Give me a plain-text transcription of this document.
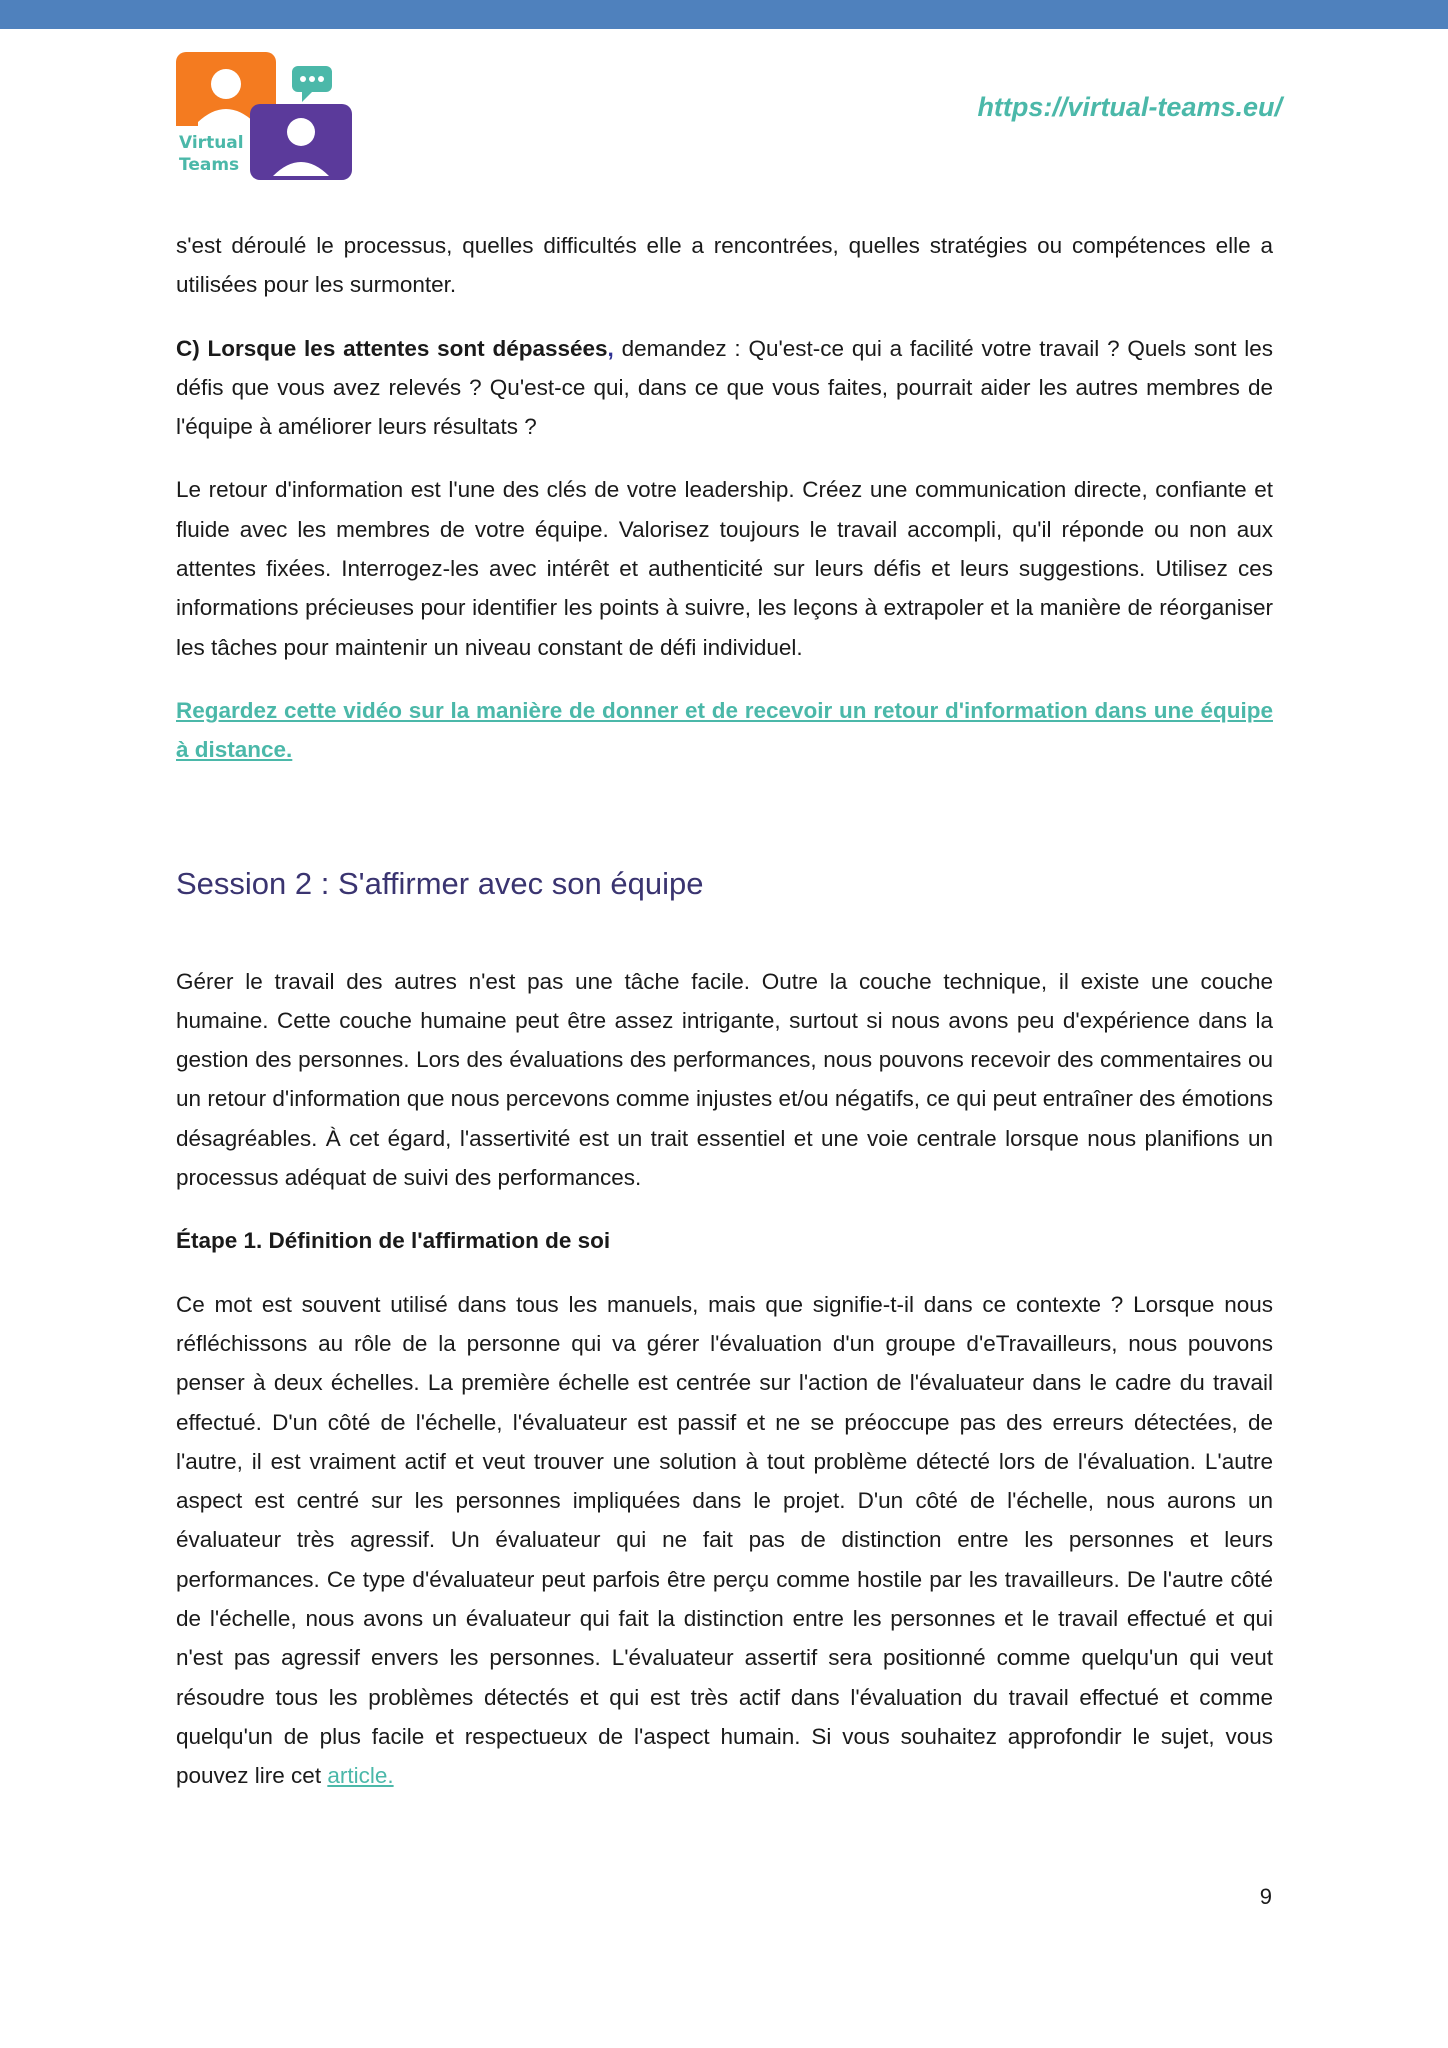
Virtual
Teams
https://virtual-teams.eu/

s'est déroulé le processus, quelles difficultés elle a rencontrées, quelles stratégies ou compétences elle a utilisées pour les surmonter.

C) Lorsque les attentes sont dépassées, demandez : Qu'est-ce qui a facilité votre travail ? Quels sont les défis que vous avez relevés ? Qu'est-ce qui, dans ce que vous faites, pourrait aider les autres membres de l'équipe à améliorer leurs résultats ?

Le retour d'information est l'une des clés de votre leadership. Créez une communication directe, confiante et fluide avec les membres de votre équipe. Valorisez toujours le travail accompli, qu'il réponde ou non aux attentes fixées. Interrogez-les avec intérêt et authenticité sur leurs défis et leurs suggestions. Utilisez ces informations précieuses pour identifier les points à suivre, les leçons à extrapoler et la manière de réorganiser les tâches pour maintenir un niveau constant de défi individuel.

Regardez cette vidéo sur la manière de donner et de recevoir un retour d'information dans une équipe à distance.

Session 2 : S'affirmer avec son équipe

Gérer le travail des autres n'est pas une tâche facile. Outre la couche technique, il existe une couche humaine. Cette couche humaine peut être assez intrigante, surtout si nous avons peu d'expérience dans la gestion des personnes. Lors des évaluations des performances, nous pouvons recevoir des commentaires ou un retour d'information que nous percevons comme injustes et/ou négatifs, ce qui peut entraîner des émotions désagréables. À cet égard, l'assertivité est un trait essentiel et une voie centrale lorsque nous planifions un processus adéquat de suivi des performances.

Étape 1. Définition de l'affirmation de soi

Ce mot est souvent utilisé dans tous les manuels, mais que signifie-t-il dans ce contexte ? Lorsque nous réfléchissons au rôle de la personne qui va gérer l'évaluation d'un groupe d'eTravailleurs, nous pouvons penser à deux échelles. La première échelle est centrée sur l'action de l'évaluateur dans le cadre du travail effectué. D'un côté de l'échelle, l'évaluateur est passif et ne se préoccupe pas des erreurs détectées, de l'autre, il est vraiment actif et veut trouver une solution à tout problème détecté lors de l'évaluation. L'autre aspect est centré sur les personnes impliquées dans le projet. D'un côté de l'échelle, nous aurons un évaluateur très agressif. Un évaluateur qui ne fait pas de distinction entre les personnes et leurs performances. Ce type d'évaluateur peut parfois être perçu comme hostile par les travailleurs. De l'autre côté de l'échelle, nous avons un évaluateur qui fait la distinction entre les personnes et le travail effectué et qui n'est pas agressif envers les personnes. L'évaluateur assertif sera positionné comme quelqu'un qui veut résoudre tous les problèmes détectés et qui est très actif dans l'évaluation du travail effectué et comme quelqu'un de plus facile et respectueux de l'aspect humain. Si vous souhaitez approfondir le sujet, vous pouvez lire cet article.

9
